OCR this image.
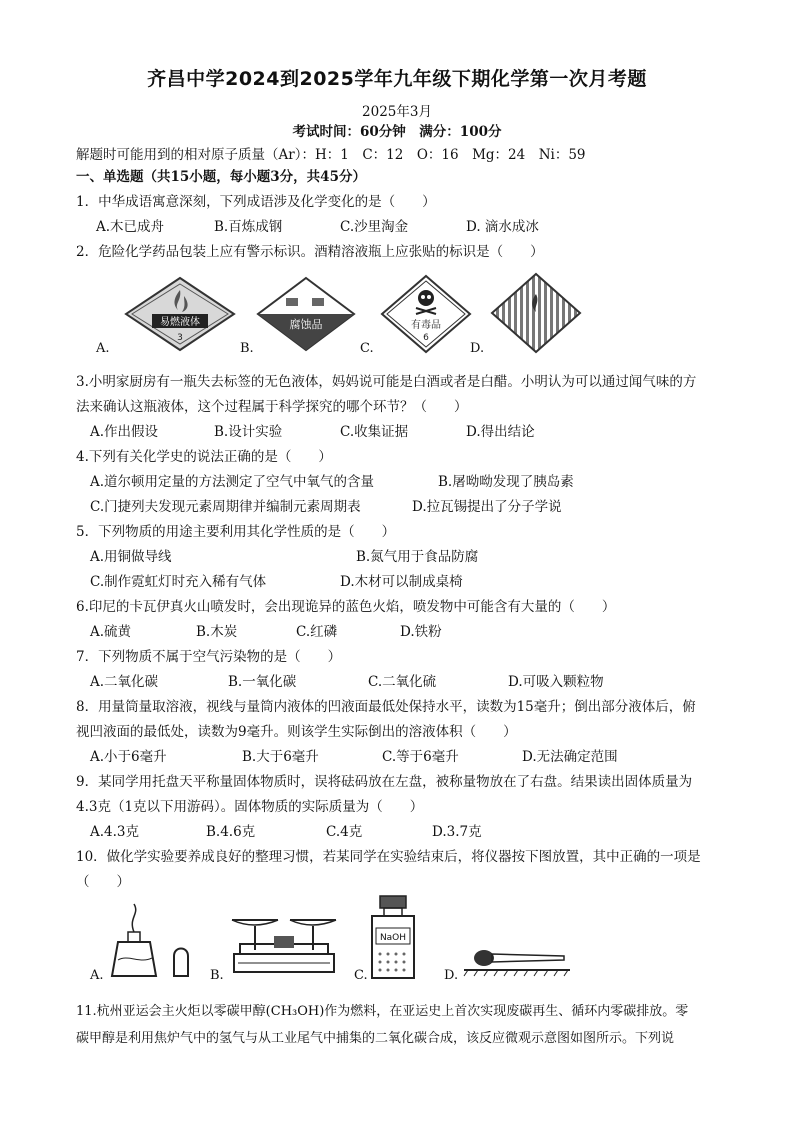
齐昌中学2024到2025学年九年级下期化学第一次月考题
2025年3月
考试时间：60分钟　满分：100分
解题时可能用到的相对原子质量（Ar）：H：1　C：12　O：16　Mg：24　Ni：59
一、单选题（共15小题，每小题3分，共45分）
1．中华成语寓意深刻，下列成语涉及化学变化的是（　　）
A.木已成舟	B.百炼成钢	C.沙里淘金	D. 滴水成冰
2．危险化学药品包装上应有警示标识。酒精溶液瓶上应张贴的标识是（　　）
A.
易燃液体
3
B.
腐蚀品
C.
有毒品
6
D.
3.小明家厨房有一瓶失去标签的无色液体，妈妈说可能是白酒或者是白醋。小明认为可以通过闻气味的方
法来确认这瓶液体，这个过程属于科学探究的哪个环节？（　　）
A.作出假设	B.设计实验	C.收集证据	D.得出结论
4.下列有关化学史的说法正确的是（　　）
A.道尔顿用定量的方法测定了空气中氧气的含量	B.屠呦呦发现了胰岛素
C.门捷列夫发现元素周期律并编制元素周期表	D.拉瓦锡提出了分子学说
5．下列物质的用途主要利用其化学性质的是（　　）
A.用铜做导线	B.氮气用于食品防腐
C.制作霓虹灯时充入稀有气体	D.木材可以制成桌椅
6.印尼的卡瓦伊真火山喷发时，会出现诡异的蓝色火焰，喷发物中可能含有大量的（　　）
A.硫黄	B.木炭	C.红磷	D.铁粉
7．下列物质不属于空气污染物的是（　　）
A.二氧化碳	B.一氧化碳	C.二氧化硫	D.可吸入颗粒物
8．用量筒量取溶液，视线与量筒内液体的凹液面最低处保持水平，读数为15毫升；倒出部分液体后，俯
视凹液面的最低处，读数为9毫升。则该学生实际倒出的溶液体积（　　）
A.小于6毫升	B.大于6毫升	C.等于6毫升	D.无法确定范围
9．某同学用托盘天平称量固体物质时，误将砝码放在左盘，被称量物放在了右盘。结果读出固体质量为
4.3克（1克以下用游码）。固体物质的实际质量为（　　）
A.4.3克	B.4.6克	C.4克	D.3.7克
10．做化学实验要养成良好的整理习惯，若某同学在实验结束后，将仪器按下图放置，其中正确的一项是
（　　）
A.	B.	C.
NaOH
D.
11.杭州亚运会主火炬以零碳甲醇(CH₃OH)作为燃料，在亚运史上首次实现废碳再生、循环内零碳排放。零
碳甲醇是利用焦炉气中的氢气与从工业尾气中捕集的二氧化碳合成，该反应微观示意图如图所示。下列说
